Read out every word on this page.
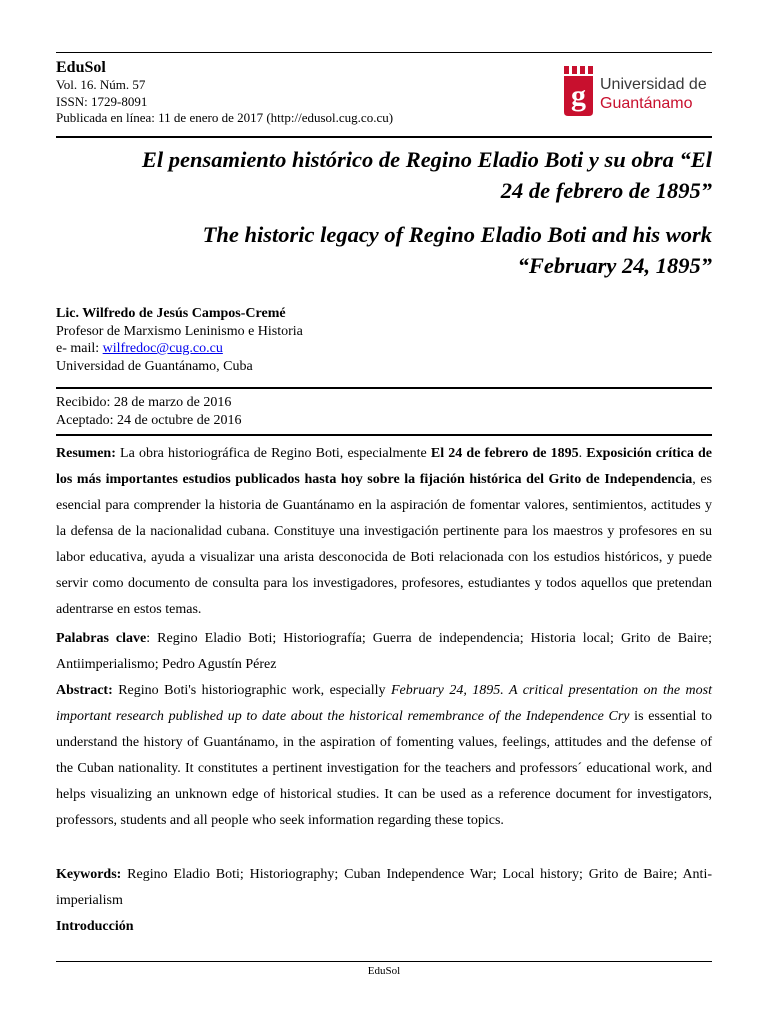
EduSol
Vol. 16. Núm. 57
ISSN: 1729-8091
Publicada en línea: 11 de enero de 2017 (http://edusol.cug.co.cu)
g Universidad de
Guantánamo
El pensamiento histórico de Regino Eladio Boti y su obra “El
24 de febrero de 1895”
The historic legacy of Regino Eladio Boti and his work
“February 24, 1895”
Lic. Wilfredo de Jesús Campos-Cremé
Profesor de Marxismo Leninismo e Historia
e- mail: wilfredoc@cug.co.cu
Universidad de Guantánamo, Cuba
Recibido: 28 de marzo de 2016
Aceptado: 24 de octubre de 2016

Resumen: La obra historiográfica de Regino Boti, especialmente El 24 de febrero de 1895. Exposición crítica de los más importantes estudios publicados hasta hoy sobre la fijación histórica del Grito de Independencia, es esencial para comprender la historia de Guantánamo en la aspiración de fomentar valores, sentimientos, actitudes y la defensa de la nacionalidad cubana. Constituye una investigación pertinente para los maestros y profesores en su labor educativa, ayuda a visualizar una arista desconocida de Boti relacionada con los estudios históricos, y puede servir como documento de consulta para los investigadores, profesores, estudiantes y todos aquellos que pretendan adentrarse en estos temas.

Palabras clave: Regino Eladio Boti; Historiografía; Guerra de independencia; Historia local; Grito de Baire; Antiimperialismo; Pedro Agustín Pérez

Abstract: Regino Boti's historiographic work, especially February 24, 1895. A critical presentation on the most important research published up to date about the historical remembrance of the Independence Cry is essential to understand the history of Guantánamo, in the aspiration of fomenting values, feelings, attitudes and the defense of the Cuban nationality. It constitutes a pertinent investigation for the teachers and professors´ educational work, and helps visualizing an unknown edge of historical studies. It can be used as a reference document for investigators, professors, students and all people who seek information regarding these topics.

Keywords: Regino Eladio Boti; Historiography; Cuban Independence War; Local history; Grito de Baire; Anti-imperialism

Introducción

EduSol
